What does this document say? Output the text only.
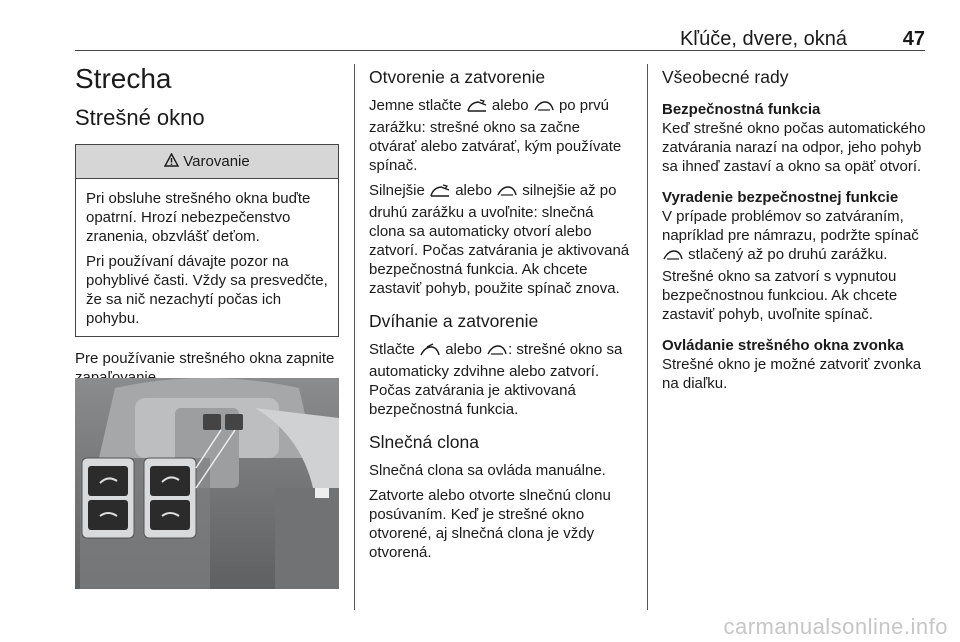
Kľúče, dvere, okná	47
Strecha
Strešné okno
Varovanie

Pri obsluhe strešného okna buďte opatrní. Hrozí nebezpečenstvo zranenia, obzvlášť deťom.

Pri používaní dávajte pozor na pohyblivé časti. Vždy sa presvedčte, že sa nič nezachytí počas ich pohybu.

Pre používanie strešného okna zapnite

Otvorenie a zatvorenie

Jemne stlačte alebo po prvú zarážku: strešné okno sa začne otvárať alebo zatvárať, kým používate spínač.

Silnejšie alebo silnejšie až po druhú zarážku a uvoľnite: slnečná clona sa automaticky otvorí alebo zatvorí. Počas zatvárania je aktivovaná bezpečnostná funkcia. Ak chcete zastaviť pohyb, použite spínač znova.

Dvíhanie a zatvorenie

Stlačte alebo : strešné okno sa automaticky zdvihne alebo zatvorí. Počas zatvárania je aktivovaná bezpečnostná funkcia.

Slnečná clona

Slnečná clona sa ovláda manuálne.

Zatvorte alebo otvorte slnečnú clonu posúvaním. Keď je strešné okno otvorené, aj slnečná clona je vždy otvorená.

Všeobecné rady
Bezpečnostná funkcia

Keď strešné okno počas automatického zatvárania narazí na odpor, jeho pohyb sa ihneď zastaví a okno sa opäť otvorí.

Vyradenie bezpečnostnej funkcie

V prípade problémov so zatváraním, napríklad pre námrazu, podržte spínač  stlačený až po druhú zarážku. Strešné okno sa zatvorí s vypnutou bezpečnostnou funkciou. Ak chcete zastaviť pohyb, uvoľnite spínač.

Ovládanie strešného okna zvonka

Strešné okno je možné zatvoriť zvonka na diaľku.

carmanualsonline.info
